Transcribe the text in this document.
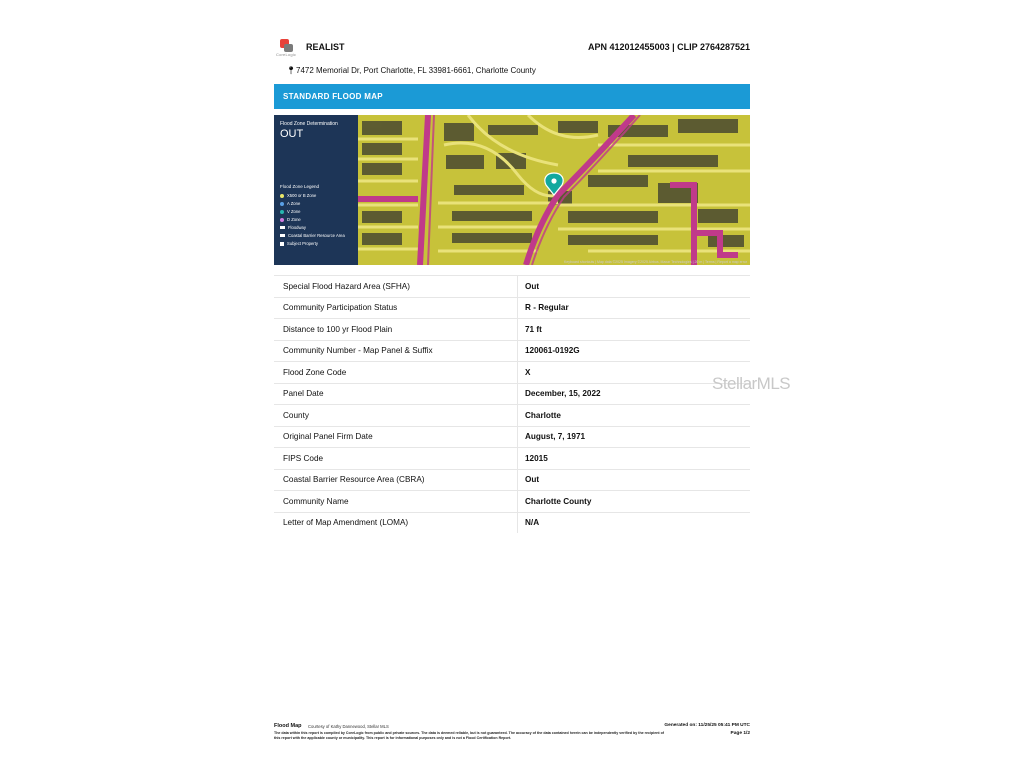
CoreLogic
REALIST	APN 412012455003 | CLIP 2764287521
📍︎ 7472 Memorial Dr, Port Charlotte, FL 33981-6661, Charlotte County
STANDARD FLOOD MAP
Flood Zone Determination
OUT
Flood Zone Legend
X500 or B Zone
A Zone
V Zone
D Zone
Floodway
Coastal Barrier Resource Area
Subject Property
Keyboard shortcuts | Map data ©2025 Imagery ©2025 Airbus, Maxar Technologies | 20 m | Terms | Report a map error
Special Flood Hazard Area (SFHA)	Out
Community Participation Status	R - Regular
Distance to 100 yr Flood Plain	71 ft
Community Number - Map Panel & Suffix	120061-0192G
Flood Zone Code	X
Panel Date	December, 15, 2022
County	Charlotte
Original Panel Firm Date	August, 7, 1971
FIPS Code	12015
Coastal Barrier Resource Area (CBRA)	Out
Community Name	Charlotte County
Letter of Map Amendment (LOMA)	N/A
StellarMLS
Flood Map Courtesy of Kathy Dannewood, Stellar MLS	Generated on: 11/25/25 05:41 PM UTC
Page 1/2
The data within this report is compiled by CoreLogic from public and private sources. The data is deemed reliable, but is not guaranteed. The accuracy of the data contained herein can be independently verified by the recipient of this report with the applicable county or municipality. This report is for informational purposes only and is not a Flood Certification Report.
